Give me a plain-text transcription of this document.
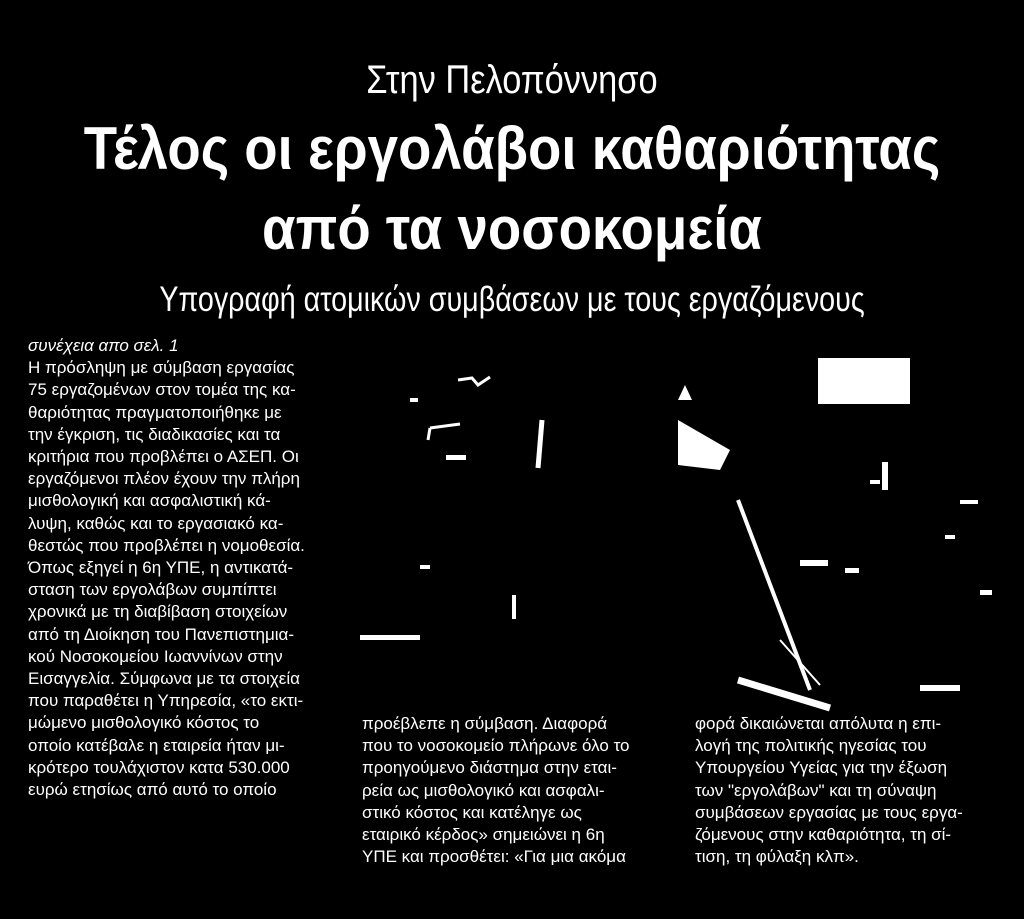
Στην Πελοπόννησο
Τέλος οι εργολάβοι καθαριότητας
από τα νοσοκομεία
Υπογραφή ατομικών συμβάσεων με τους εργαζόμενους
συνέχεια απο σελ. 1
Η πρόσληψη με σύμβαση εργασίας
75 εργαζομένων στον τομέα της κα-
θαριότητας πραγματοποιήθηκε με
την έγκριση, τις διαδικασίες και τα
κριτήρια που προβλέπει ο ΑΣΕΠ. Οι
εργαζόμενοι πλέον έχουν την πλήρη
μισθολογική και ασφαλιστική κά-
λυψη, καθώς και το εργασιακό κα-
θεστώς που προβλέπει η νομοθεσία.
Όπως εξηγεί η 6η ΥΠΕ, η αντικατά-
σταση των εργολάβων συμπίπτει
χρονικά με τη διαβίβαση στοιχείων
από τη Διοίκηση του Πανεπιστημια-
κού Νοσοκομείου Ιωαννίνων στην
Εισαγγελία. Σύμφωνα με τα στοιχεία
που παραθέτει η Υπηρεσία, «το εκτι-
μώμενο μισθολογικό κόστος το
οποίο κατέβαλε η εταιρεία ήταν μι-
κρότερο τουλάχιστον κατα 530.000
ευρώ ετησίως από αυτό το οποίο
προέβλεπε η σύμβαση. Διαφορά
που το νοσοκομείο πλήρωνε όλο το
προηγούμενο διάστημα στην εται-
ρεία ως μισθολογικό και ασφαλι-
στικό κόστος και κατέληγε ως
εταιρικό κέρδος» σημειώνει η 6η
ΥΠΕ και προσθέτει: «Για μια ακόμα
φορά δικαιώνεται απόλυτα η επι-
λογή της πολιτικής ηγεσίας του
Υπουργείου Υγείας για την έξωση
των "εργολάβων" και τη σύναψη
συμβάσεων εργασίας με τους εργα-
ζόμενους στην καθαριότητα, τη σί-
τιση, τη φύλαξη κλπ».
